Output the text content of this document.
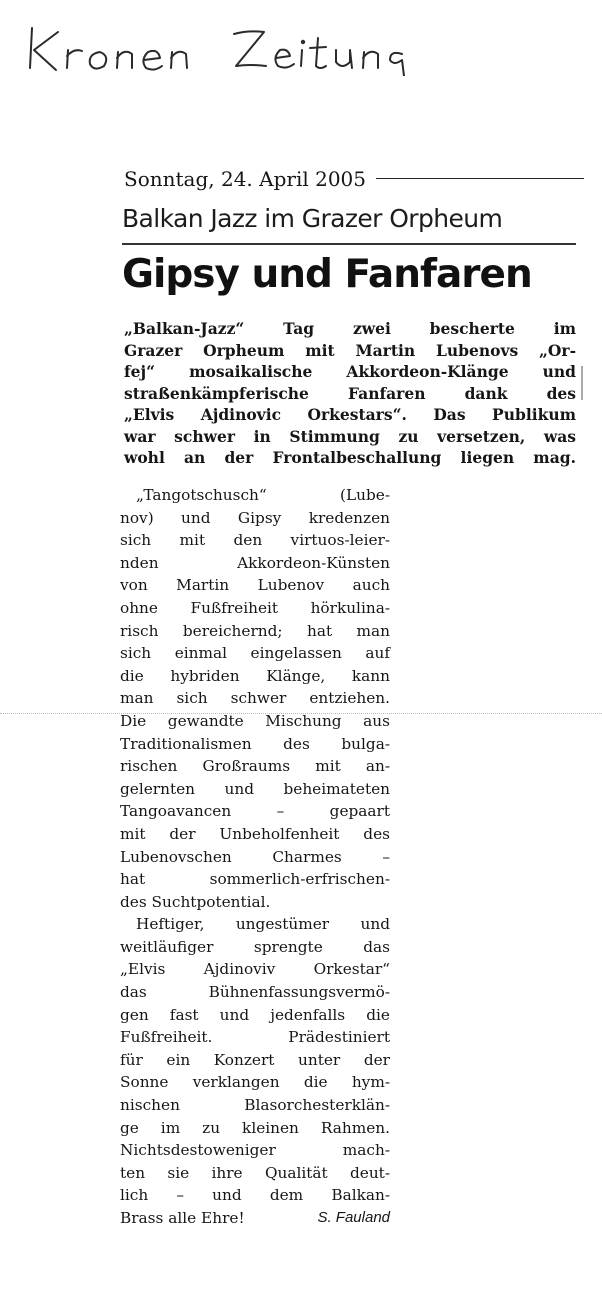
Sonntag, 24. April 2005
Balkan Jazz im Grazer Orpheum
Gipsy und Fanfaren
„Balkan-Jazz“ Tag zwei bescherte im
Grazer Orpheum mit Martin Lubenovs „Or-
fej“ mosaikalische Akkordeon-Klänge und
straßenkämpferische Fanfaren dank des
„Elvis Ajdinovic Orkestars“. Das Publikum
war schwer in Stimmung zu versetzen, was
wohl an der Frontalbeschallung liegen mag.
„Tangotschusch“ (Lube-
nov) und Gipsy kredenzen
sich mit den virtuos-leier-
nden Akkordeon-Künsten
von Martin Lubenov auch
ohne Fußfreiheit hörkulina-
risch bereichernd; hat man
sich einmal eingelassen auf
die hybriden Klänge, kann
man sich schwer entziehen.
Die gewandte Mischung aus
Traditionalismen des bulga-
rischen Großraums mit an-
gelernten und beheimateten
Tangoavancen – gepaart
mit der Unbeholfenheit des
Lubenovschen Charmes –
hat sommerlich-erfrischen-
des Suchtpotential.
Heftiger, ungestümer und
weitläufiger sprengte das
„Elvis Ajdinoviv Orkestar“
das Bühnenfassungsvermö-
gen fast und jedenfalls die
Fußfreiheit. Prädestiniert
für ein Konzert unter der
Sonne verklangen die hym-
nischen Blasorchesterklän-
ge im zu kleinen Rahmen.
Nichtsdestoweniger mach-
ten sie ihre Qualität deut-
lich – und dem Balkan-
Brass alle Ehre!	S. Fauland
